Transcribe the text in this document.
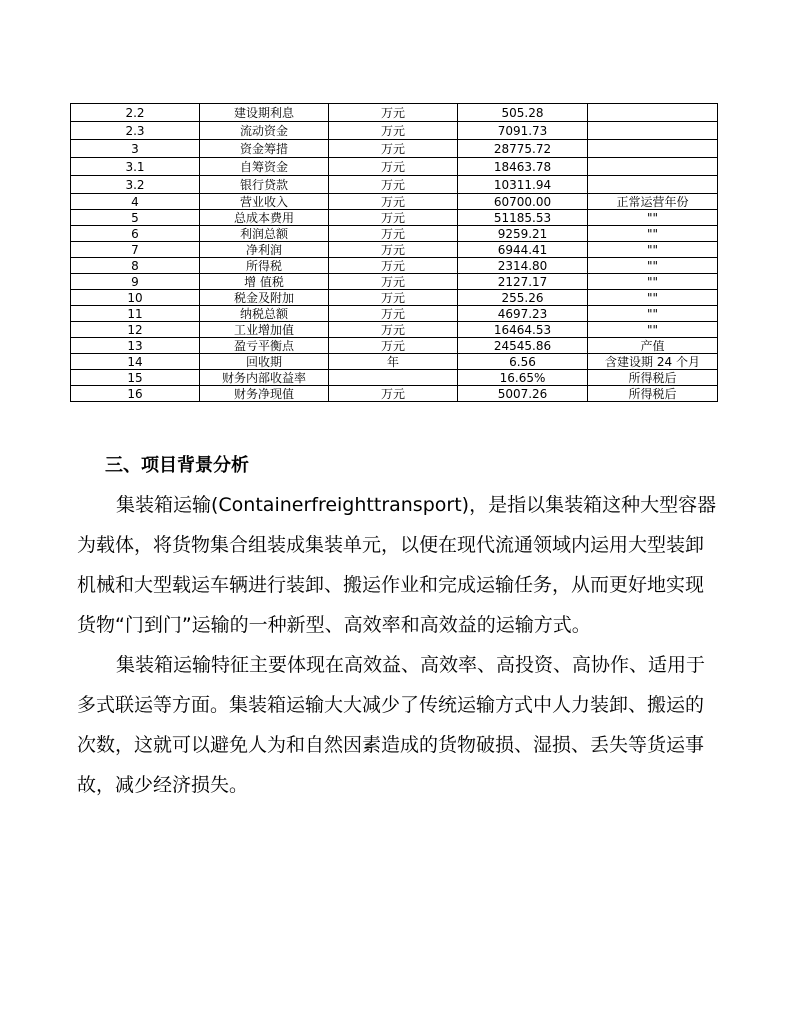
2.2	建设期利息	万元	505.28	
2.3	流动资金	万元	7091.73	
3	资金筹措	万元	28775.72	
3.1	自筹资金	万元	18463.78	
3.2	银行贷款	万元	10311.94	
4	营业收入	万元	60700.00	正常运营年份
5	总成本费用	万元	51185.53	""
6	利润总额	万元	9259.21	""
7	净利润	万元	6944.41	""
8	所得税	万元	2314.80	""
9	增 值税	万元	2127.17	""
10	税金及附加	万元	255.26	""
11	纳税总额	万元	4697.23	""
12	工业增加值	万元	16464.53	""
13	盈亏平衡点	万元	24545.86	产值
14	回收期	年	6.56	含建设期 24 个月
15	财务内部收益率		16.65%	所得税后
16	财务净现值	万元	5007.26	所得税后
三、项目背景分析

集装箱运输(Containerfreighttransport)，是指以集装箱这种大型容器为载体，将货物集合组装成集装单元，以便在现代流通领域内运用大型装卸机械和大型载运车辆进行装卸、搬运作业和完成运输任务，从而更好地实现货物“门到门”运输的一种新型、高效率和高效益的运输方式。

集装箱运输特征主要体现在高效益、高效率、高投资、高协作、适用于多式联运等方面。集装箱运输大大减少了传统运输方式中人力装卸、搬运的次数，这就可以避免人为和自然因素造成的货物破损、湿损、丢失等货运事故，减少经济损失。
